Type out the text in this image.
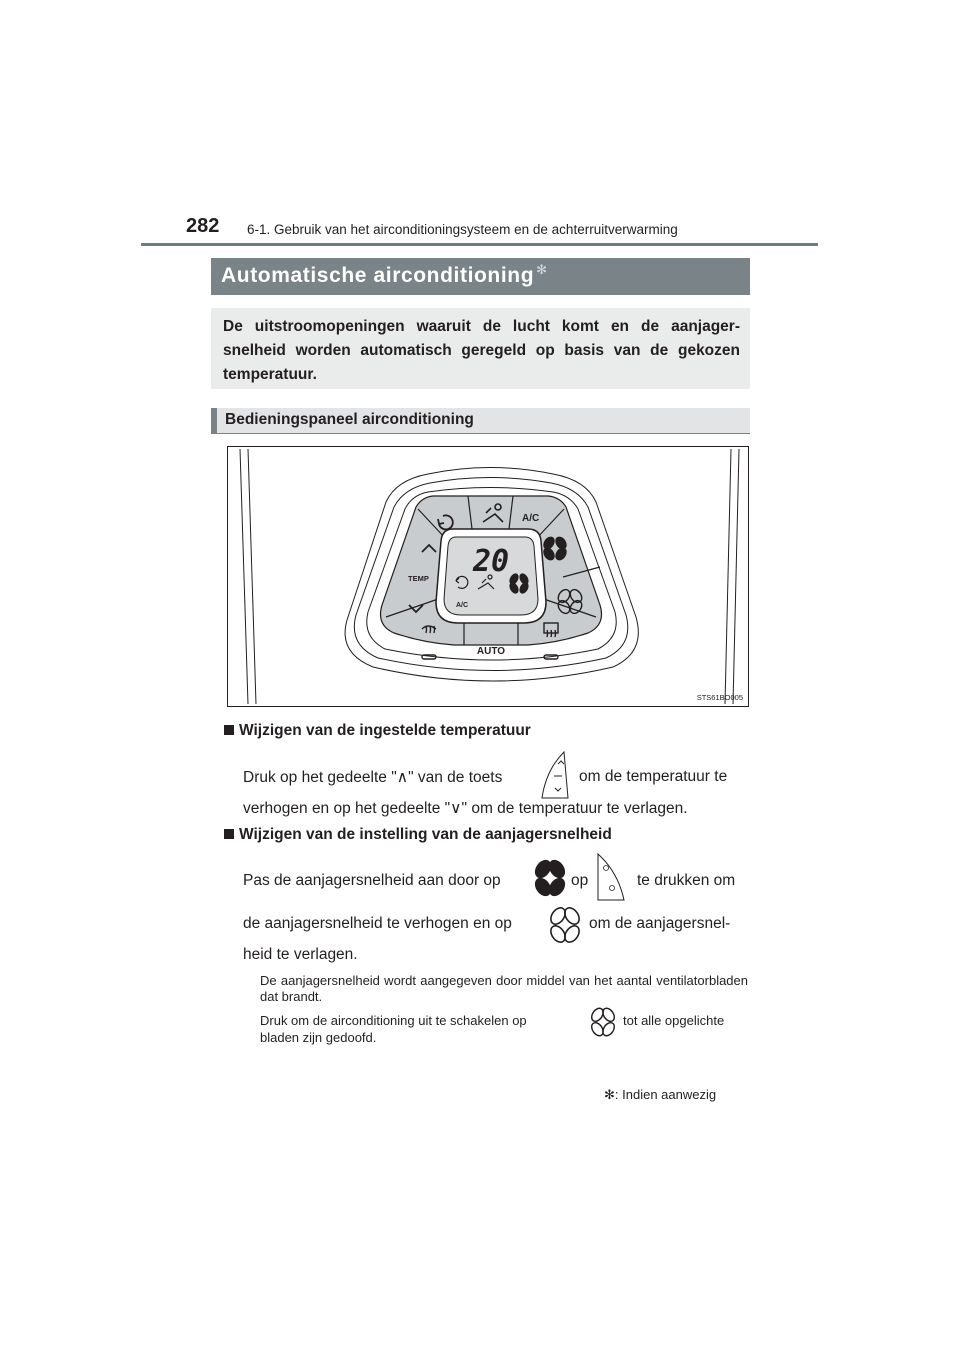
282 6-1. Gebruik van het airconditioningsysteem en de achterruitverwarming
Automatische airconditioning ✻
De uitstroomopeningen waaruit de lucht komt en de aanjager-snelheid worden automatisch geregeld op basis van de gekozen temperatuur.
Bedieningspaneel airconditioning
20
A/C
A/C
TEMP
AUTO
STS61BO005
Wijzigen van de ingestelde temperatuur
Druk op het gedeelte "∧" van de toets	om de temperatuur te
verhogen en op het gedeelte "∨" om de temperatuur te verlagen.
Wijzigen van de instelling van de aanjagersnelheid
Pas de aanjagersnelheid aan door op	op	te drukken om
de aanjagersnelheid te verhogen en op	om de aanjagersnel-
heid te verlagen.
De aanjagersnelheid wordt aangegeven door middel van het aantal ventilatorbladen dat brandt.
Druk om de airconditioning uit te schakelen op	tot alle opgelichte
bladen zijn gedoofd.
✻: Indien aanwezig
